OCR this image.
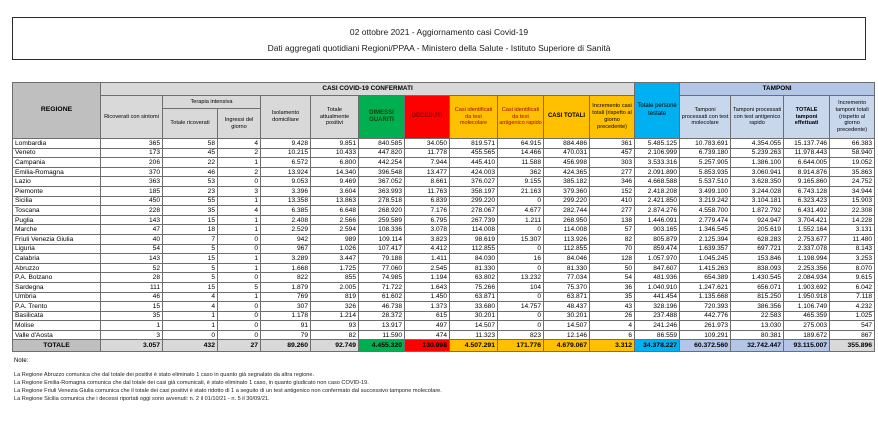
02 ottobre 2021 - Aggiornamento casi Covid-19
Dati aggregati quotidiani Regioni/PPAA - Ministero della Salute - Istituto Superiore di Sanità
REGIONE	CASI COVID-19 CONFERMATI											Totale persone testate	TAMPONI			
	Ricoverati con sintomi	Terapia intensiva		Isolamento domiciliare	Totale attualmente positivi	DIMESSI GUARITI	DECEDUTI	Casi identificati da test molecolare	Casi identificati da test antigenico rapido	CASI TOTALI	Incremento casi totali (rispetto al giorno precedente)		Tamponi processati con test molecolare	Tamponi processati con test antigenico rapido	TOTALE tamponi effettuati	Incremento tamponi totali (rispetto al giorno precedente)
		Totale ricoverati	Ingressi del giorno													
Lombardia	365	58	4	9.428	9.851	840.585	34.050	819.571	64.915	884.486	361	5.485.125	10.783.691	4.354.055	15.137.746	66.383
Veneto	173	45	2	10.215	10.433	447.820	11.778	455.565	14.466	470.031	457	2.106.999	6.739.180	5.239.263	11.978.443	58.940
Campania	206	22	1	6.572	6.800	442.254	7.944	445.410	11.588	456.998	303	3.533.316	5.257.905	1.386.100	6.644.005	19.052
Emilia-Romagna	370	46	2	13.924	14.340	396.548	13.477	424.003	362	424.365	277	2.091.890	5.853.935	3.060.941	8.914.876	35.863
Lazio	363	53	0	9.053	9.469	367.052	8.661	376.027	9.155	385.182	346	4.668.588	5.537.510	3.628.350	9.165.860	24.752
Piemonte	185	23	3	3.396	3.604	363.993	11.763	358.197	21.163	379.360	152	2.418.208	3.499.100	3.244.028	6.743.128	34.944
Sicilia	450	55	1	13.358	13.863	278.518	6.839	299.220	0	299.220	410	2.421.850	3.219.242	3.104.181	6.323.423	15.903
Toscana	228	35	4	6.385	6.648	268.920	7.176	278.067	4.677	282.744	277	2.874.276	4.558.700	1.872.792	6.431.492	22.308
Puglia	143	15	1	2.408	2.566	259.589	6.795	267.739	1.211	268.950	138	1.446.091	2.779.474	924.947	3.704.421	14.228
Marche	47	18	1	2.529	2.594	108.336	3.078	114.008	0	114.008	57	903.165	1.346.545	205.619	1.552.164	3.131
Friuli Venezia Giulia	40	7	0	942	989	109.114	3.823	98.619	15.307	113.926	82	805.879	2.125.394	628.283	2.753.677	11.480
Liguria	54	5	0	967	1.026	107.417	4.412	112.855	0	112.855	70	859.474	1.639.357	697.721	2.337.078	8.143
Calabria	143	15	1	3.289	3.447	79.188	1.411	84.030	16	84.046	128	1.057.970	1.045.245	153.846	1.198.994	3.253
Abruzzo	52	5	1	1.668	1.725	77.060	2.545	81.330	0	81.330	50	847.607	1.415.263	838.093	2.253.356	8.070
P.A. Bolzano	28	5	0	822	855	74.985	1.194	63.802	13.232	77.034	54	481.936	654.389	1.430.545	2.084.934	9.615
Sardegna	111	15	5	1.879	2.005	71.722	1.643	75.266	104	75.370	36	1.040.910	1.247.621	656.071	1.903.692	6.042
Umbria	46	4	1	769	819	61.602	1.450	63.871	0	63.871	35	441.454	1.135.668	815.250	1.950.918	7.118
P.A. Trento	15	4	0	307	326	46.738	1.373	33.680	14.757	48.437	43	328.196	720.393	386.356	1.106.749	4.232
Basilicata	35	1	0	1.178	1.214	28.372	615	30.201	0	30.201	26	237.488	442.776	22.583	465.359	1.025
Molise	1	1	0	91	93	13.917	497	14.507	0	14.507	4	241.246	261.973	13.030	275.003	547
Valle d'Aosta	3	0	0	79	82	11.590	474	11.323	823	12.146	6	86.559	109.291	80.381	189.672	867
TOTALE	3.057	432	27	89.260	92.749	4.455.320	130.998	4.507.291	171.776	4.679.067	3.312	34.378.227	60.372.560	32.742.447	93.115.007	355.896
Note:
La Regione Abruzzo comunica che dal totale dei positivi è stato eliminato 1 caso in quanto già segnalato da altra regione.
La Regione Emilia-Romagna comunica che dal totale dei casi già comunicati, è stato eliminato 1 caso, in quanto giudicato non caso COVID-19.
La Regione Friuli Venezia Giulia comunica che il totale dei casi positivi è stato ridotto di 1 a seguito di un test antigenico non confermato dal successivo tampone molecolare.
La Regione Sicilia comunica che i decessi riportati oggi sono avvenuti: n. 2 il 01/10/21 - n. 5 il 30/09/21.
